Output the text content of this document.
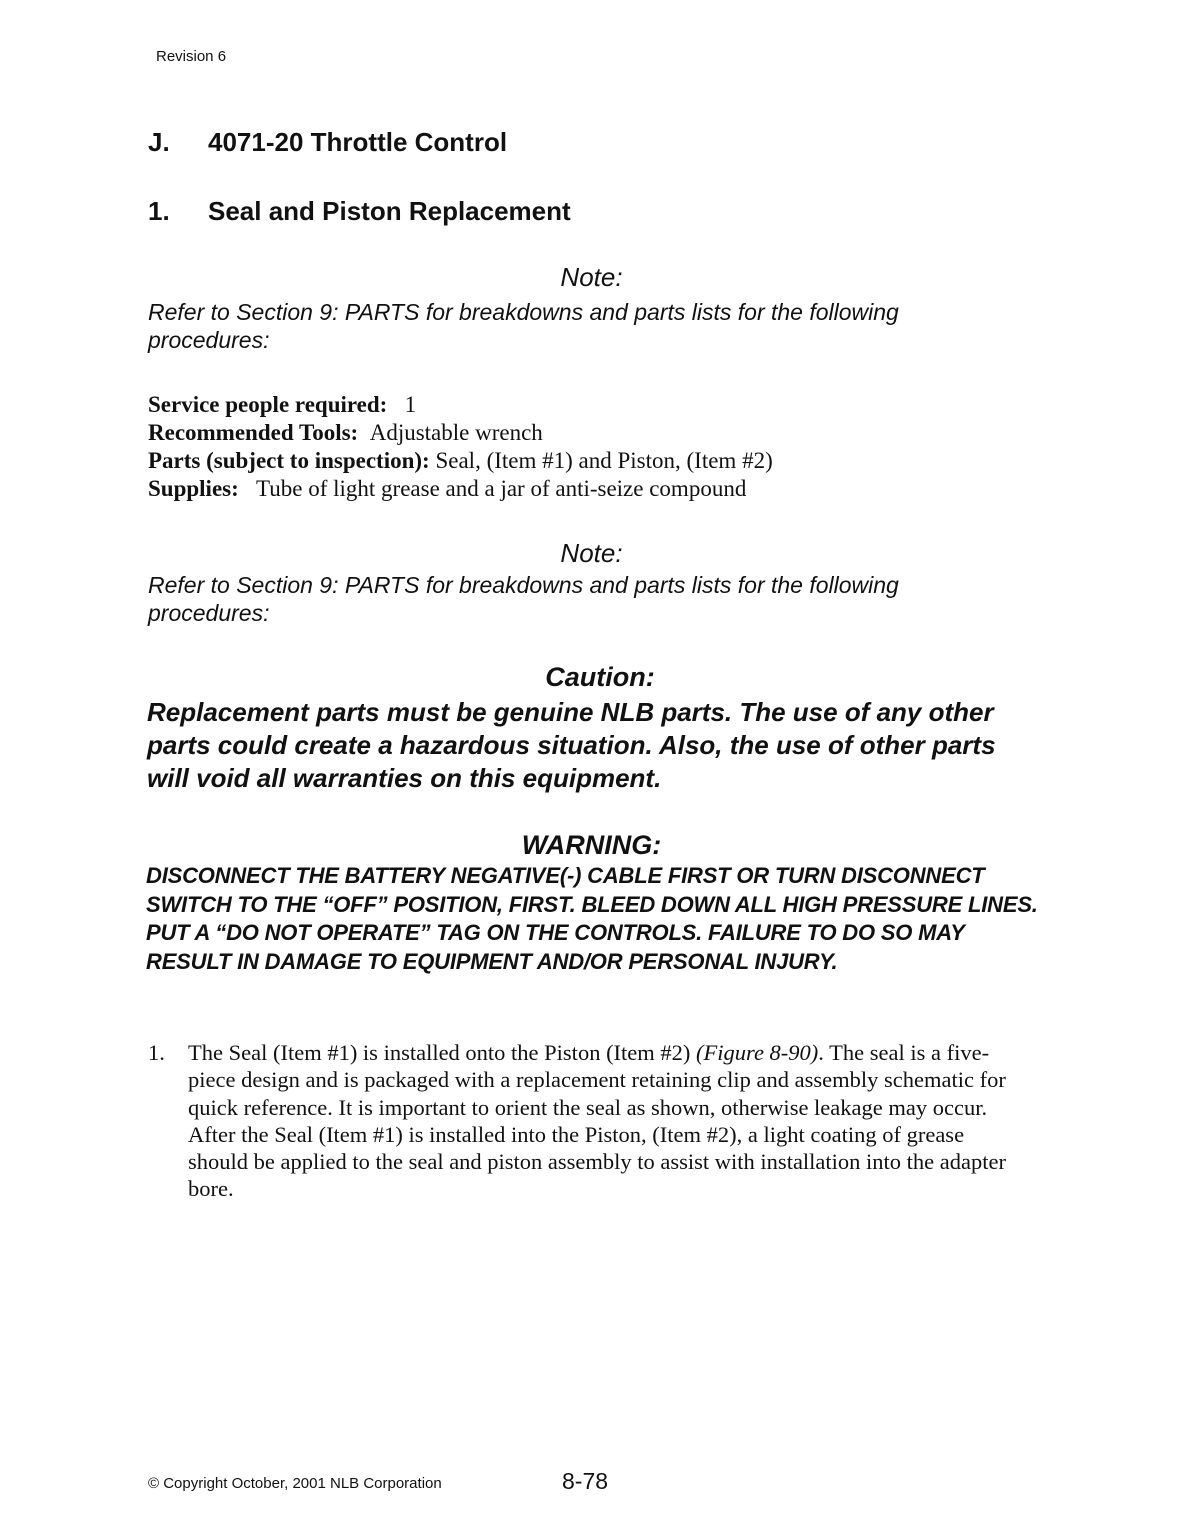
Revision 6
J. 4071-20 Throttle Control
1. Seal and Piston Replacement
Note:
Refer to Section 9: PARTS for breakdowns and parts lists for the following procedures:
Service people required: 1
Recommended Tools: Adjustable wrench
Parts (subject to inspection): Seal, (Item #1) and Piston, (Item #2)
Supplies: Tube of light grease and a jar of anti-seize compound
Note:
Refer to Section 9: PARTS for breakdowns and parts lists for the following procedures:
Caution:
Replacement parts must be genuine NLB parts. The use of any other parts could create a hazardous situation. Also, the use of other parts will void all warranties on this equipment.
WARNING:
DISCONNECT THE BATTERY NEGATIVE(-) CABLE FIRST OR TURN DISCONNECT SWITCH TO THE “OFF” POSITION, FIRST. BLEED DOWN ALL HIGH PRESSURE LINES. PUT A “DO NOT OPERATE” TAG ON THE CONTROLS. FAILURE TO DO SO MAY RESULT IN DAMAGE TO EQUIPMENT AND/OR PERSONAL INJURY.
1. The Seal (Item #1) is installed onto the Piston (Item #2) (Figure 8-90). The seal is a five-piece design and is packaged with a replacement retaining clip and assembly schematic for quick reference. It is important to orient the seal as shown, otherwise leakage may occur. After the Seal (Item #1) is installed into the Piston, (Item #2), a light coating of grease should be applied to the seal and piston assembly to assist with installation into the adapter bore.
© Copyright October, 2001 NLB Corporation	8-78
